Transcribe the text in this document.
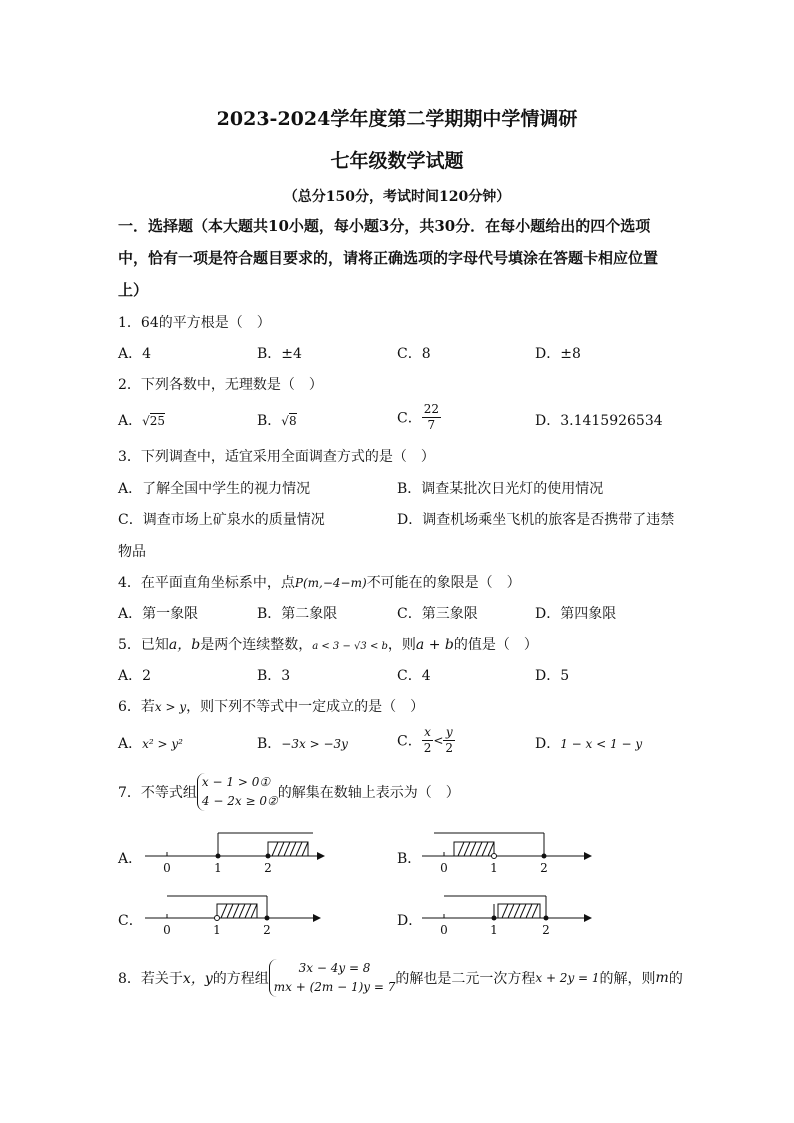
2023-2024学年度第二学期期中学情调研
七年级数学试题
（总分150分，考试时间120分钟）
一．选择题（本大题共10小题，每小题3分，共30分．在每小题给出的四个选项中，恰有一项是符合题目要求的，请将正确选项的字母代号填涂在答题卡相应位置上）
1．64的平方根是（　）
A．4	B．±4	C．8	D．±8
2．下列各数中，无理数是（　）
A．√25	B．√8	C． $\frac{22}{7}$	D．3.1415926534
3．下列调查中，适宜采用全面调查方式的是（　）
A．了解全国中学生的视力情况	B．调查某批次日光灯的使用情况
C．调查市场上矿泉水的质量情况	D．调查机场乘坐飞机的旅客是否携带了违禁
物品
4．在平面直角坐标系中，点P(m,−4−m)不可能在的象限是（　）
A．第一象限	B．第二象限	C．第三象限	D．第四象限
5．已知a，b是两个连续整数，a < 3 − √3 < b，则a + b的值是（　）
A．2	B．3	C．4	D．5
6．若x > y，则下列不等式中一定成立的是（　）
A．x² > y²	B．−3x > −3y	C． $\frac{x}{2} < \frac{y}{2}$	D．1 − x < 1 − y
7．不等式组
x − 1 > 0①
4 − 2x ≥ 0② 的解集在数轴上表示为（　）
A．
0	1	2
B．
0	1	2
C．
0	1	2
D．
0	1	2
8．若关于x，y的方程组
3x − 4y = 8
mx + (2m − 1)y = 7 的解也是二元一次方程x + 2y = 1的解，则m的
